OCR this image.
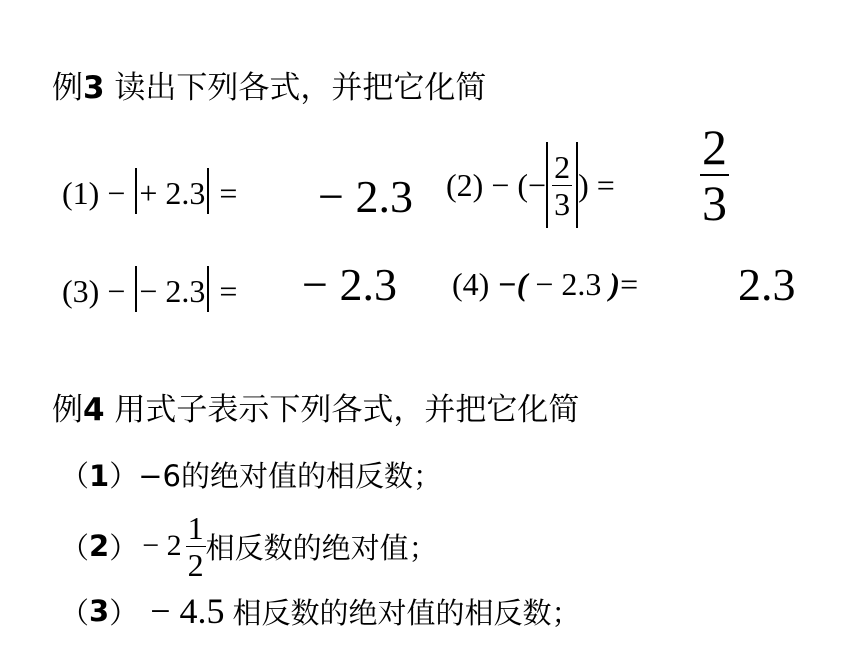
例3 读出下列各式，并把它化简
(1) − + 2.3 = − 2.3 (2) − (− $\frac{2}{3}$ ) = $\frac{2}{3}$
(3) − − 2.3 = − 2.3 (4) −( − 2.3 )= 2.3
例4 用式子表示下列各式，并把它化简
（1）−6的绝对值的相反数；
（ 2 ） − $2 \frac{1}{2}$ 相反数的绝对值；
（ 3 ） − 4.5 相反数的绝对值的相反数；
